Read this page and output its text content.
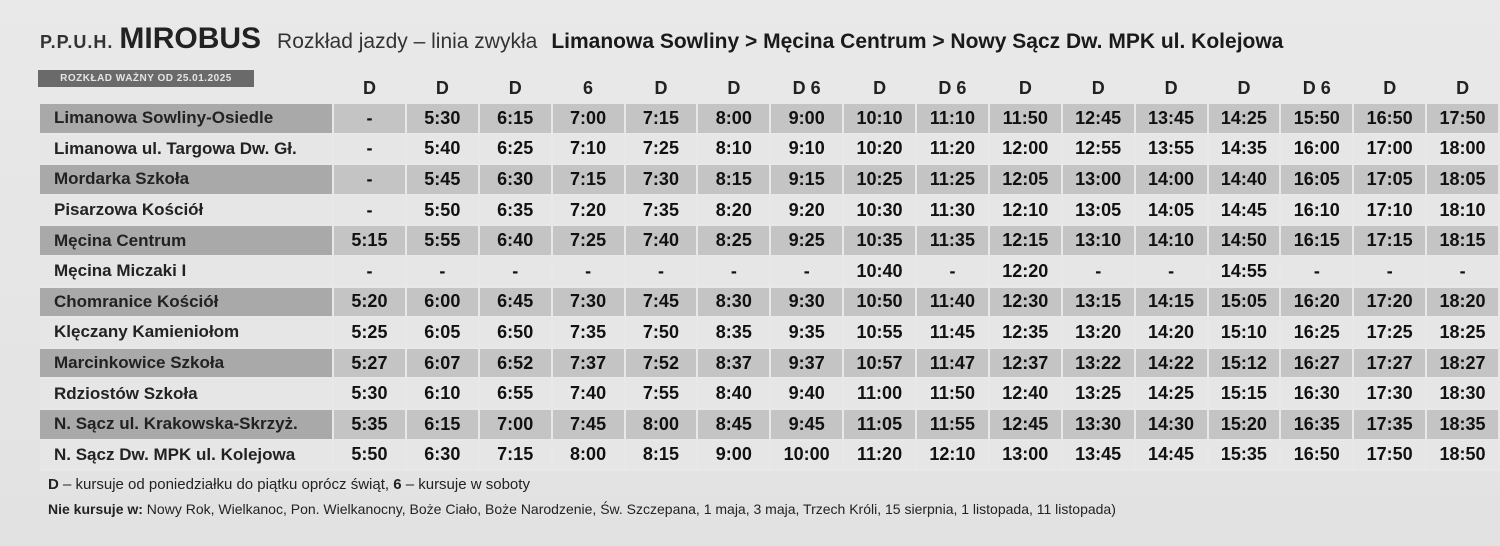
P.P.U.H. MIROBUS Rozkład jazdy – linia zwykła Limanowa Sowliny > Męcina Centrum > Nowy Sącz Dw. MPK ul. Kolejowa
	D	D	D	6	D	D	D 6	D	D 6	D	D	D	D	D 6	D	D
Limanowa Sowliny-Osiedle	-	5:30	6:15	7:00	7:15	8:00	9:00	10:10	11:10	11:50	12:45	13:45	14:25	15:50	16:50	17:50
Limanowa ul. Targowa Dw. Gł.	-	5:40	6:25	7:10	7:25	8:10	9:10	10:20	11:20	12:00	12:55	13:55	14:35	16:00	17:00	18:00
Mordarka Szkoła	-	5:45	6:30	7:15	7:30	8:15	9:15	10:25	11:25	12:05	13:00	14:00	14:40	16:05	17:05	18:05
Pisarzowa Kościół	-	5:50	6:35	7:20	7:35	8:20	9:20	10:30	11:30	12:10	13:05	14:05	14:45	16:10	17:10	18:10
Męcina Centrum	5:15	5:55	6:40	7:25	7:40	8:25	9:25	10:35	11:35	12:15	13:10	14:10	14:50	16:15	17:15	18:15
Męcina Miczaki I	-	-	-	-	-	-	-	10:40	-	12:20	-	-	14:55	-	-	-
Chomranice Kościół	5:20	6:00	6:45	7:30	7:45	8:30	9:30	10:50	11:40	12:30	13:15	14:15	15:05	16:20	17:20	18:20
Klęczany Kamieniołom	5:25	6:05	6:50	7:35	7:50	8:35	9:35	10:55	11:45	12:35	13:20	14:20	15:10	16:25	17:25	18:25
Marcinkowice Szkoła	5:27	6:07	6:52	7:37	7:52	8:37	9:37	10:57	11:47	12:37	13:22	14:22	15:12	16:27	17:27	18:27
Rdziostów Szkoła	5:30	6:10	6:55	7:40	7:55	8:40	9:40	11:00	11:50	12:40	13:25	14:25	15:15	16:30	17:30	18:30
N. Sącz ul. Krakowska-Skrzyż.	5:35	6:15	7:00	7:45	8:00	8:45	9:45	11:05	11:55	12:45	13:30	14:30	15:20	16:35	17:35	18:35
N. Sącz Dw. MPK ul. Kolejowa	5:50	6:30	7:15	8:00	8:15	9:00	10:00	11:20	12:10	13:00	13:45	14:45	15:35	16:50	17:50	18:50
ROZKŁAD WAŻNY OD 25.01.2025
D – kursuje od poniedziałku do piątku oprócz świąt, 6 – kursuje w soboty
Nie kursuje w: Nowy Rok, Wielkanoc, Pon. Wielkanocny, Boże Ciało, Boże Narodzenie, Św. Szczepana, 1 maja, 3 maja, Trzech Króli, 15 sierpnia, 1 listopada, 11 listopada)
